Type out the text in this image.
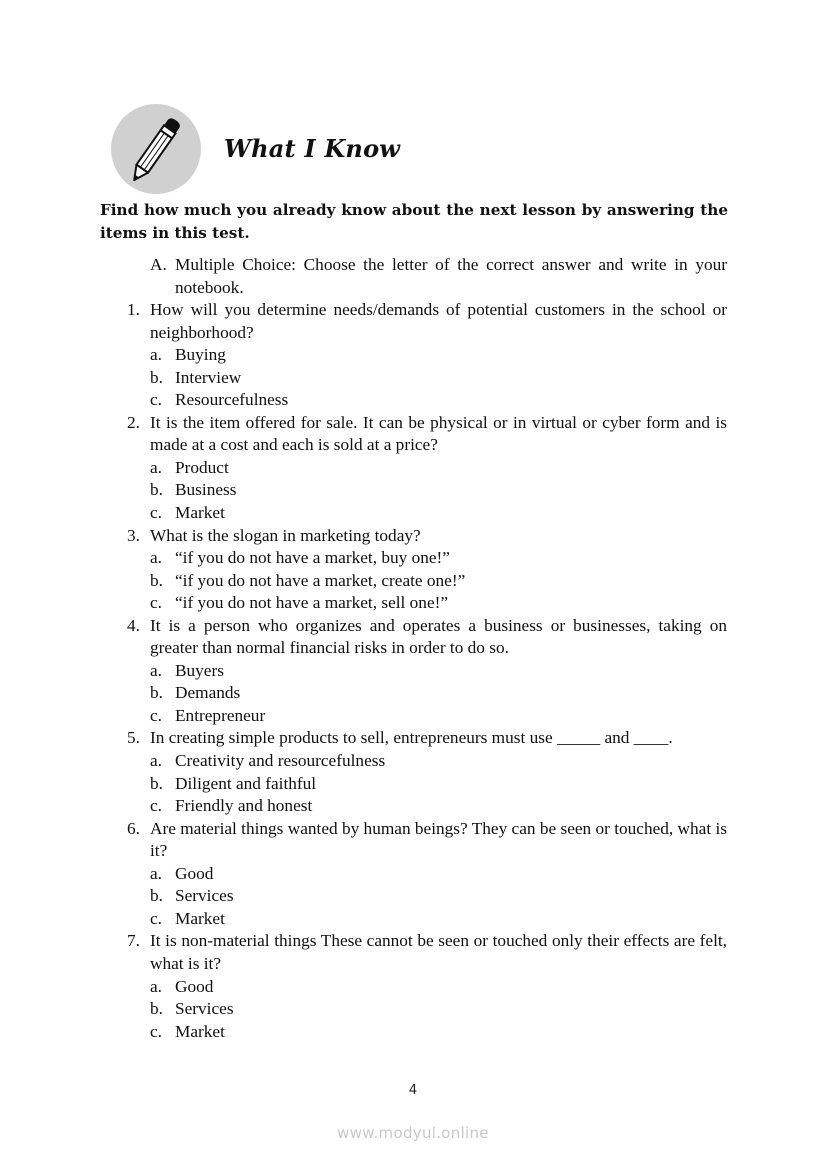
What I Know
Find how much you already know about the next lesson by answering the items in this test.
A. Multiple Choice: Choose the letter of the correct answer and write in your notebook.
1. How will you determine needs/demands of potential customers in the school or neighborhood?
a. Buying
b. Interview
c. Resourcefulness
2. It is the item offered for sale. It can be physical or in virtual or cyber form and is made at a cost and each is sold at a price?
a. Product
b. Business
c. Market
3. What is the slogan in marketing today?
a. “if you do not have a market, buy one!”
b. “if you do not have a market, create one!”
c. “if you do not have a market, sell one!”
4. It is a person who organizes and operates a business or businesses, taking on greater than normal financial risks in order to do so.
a. Buyers
b. Demands
c. Entrepreneur
5. In creating simple products to sell, entrepreneurs must use _____ and ____.
a. Creativity and resourcefulness
b. Diligent and faithful
c. Friendly and honest
6. Are material things wanted by human beings? They can be seen or touched, what is it?
a. Good
b. Services
c. Market
7. It is non-material things These cannot be seen or touched only their effects are felt, what is it?
a. Good
b. Services
c. Market
4
www.modyul.online
